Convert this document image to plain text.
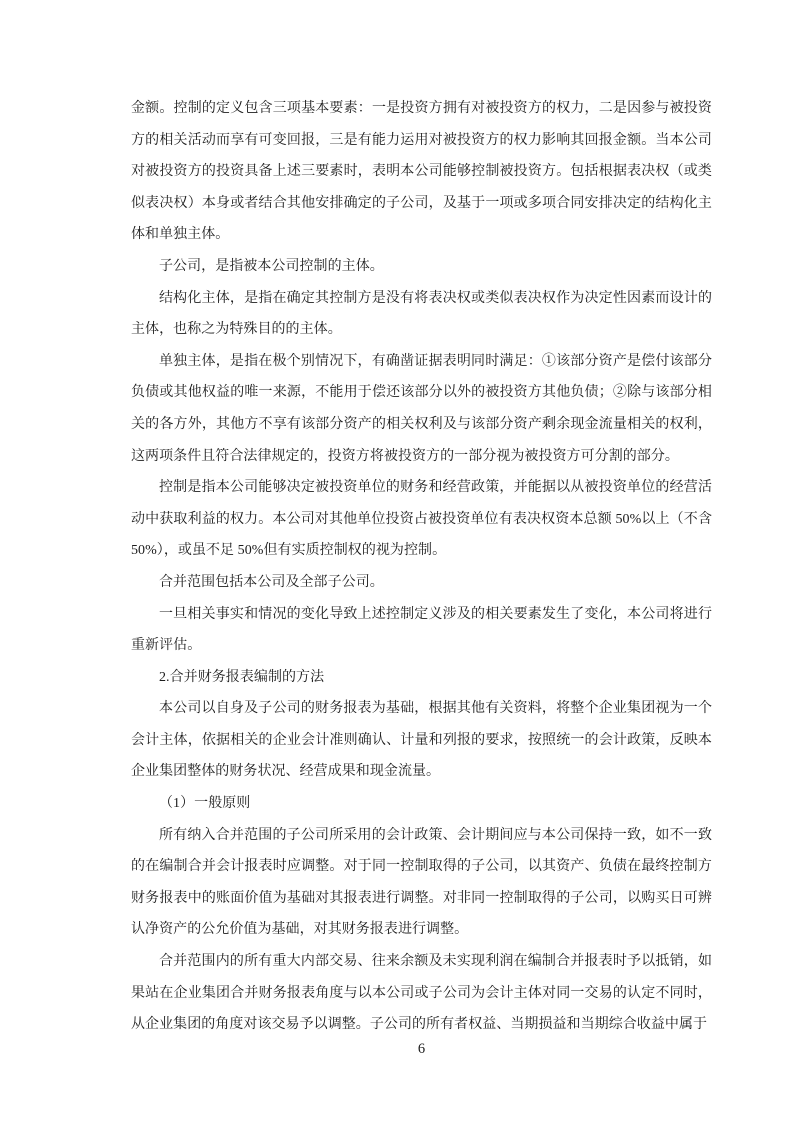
金额。控制的定义包含三项基本要素：一是投资方拥有对被投资方的权力，二是因参与被投资
方的相关活动而享有可变回报，三是有能力运用对被投资方的权力影响其回报金额。当本公司
对被投资方的投资具备上述三要素时，表明本公司能够控制被投资方。包括根据表决权（或类
似表决权）本身或者结合其他安排确定的子公司，及基于一项或多项合同安排决定的结构化主
体和单独主体。
子公司，是指被本公司控制的主体。
结构化主体，是指在确定其控制方是没有将表决权或类似表决权作为决定性因素而设计的
主体，也称之为特殊目的的主体。
单独主体，是指在极个别情况下，有确凿证据表明同时满足：①该部分资产是偿付该部分
负债或其他权益的唯一来源，不能用于偿还该部分以外的被投资方其他负债；②除与该部分相
关的各方外，其他方不享有该部分资产的相关权利及与该部分资产剩余现金流量相关的权利，
这两项条件且符合法律规定的，投资方将被投资方的一部分视为被投资方可分割的部分。
控制是指本公司能够决定被投资单位的财务和经营政策，并能据以从被投资单位的经营活
动中获取利益的权力。本公司对其他单位投资占被投资单位有表决权资本总额 50%以上（不含
50%），或虽不足 50%但有实质控制权的视为控制。
合并范围包括本公司及全部子公司。
一旦相关事实和情况的变化导致上述控制定义涉及的相关要素发生了变化，本公司将进行
重新评估。
2.合并财务报表编制的方法
本公司以自身及子公司的财务报表为基础，根据其他有关资料，将整个企业集团视为一个
会计主体，依据相关的企业会计准则确认、计量和列报的要求，按照统一的会计政策，反映本
企业集团整体的财务状况、经营成果和现金流量。
（1）一般原则
所有纳入合并范围的子公司所采用的会计政策、会计期间应与本公司保持一致，如不一致
的在编制合并会计报表时应调整。对于同一控制取得的子公司，以其资产、负债在最终控制方
财务报表中的账面价值为基础对其报表进行调整。对非同一控制取得的子公司，以购买日可辨
认净资产的公允价值为基础，对其财务报表进行调整。
合并范围内的所有重大内部交易、往来余额及未实现利润在编制合并报表时予以抵销，如
果站在企业集团合并财务报表角度与以本公司或子公司为会计主体对同一交易的认定不同时，
从企业集团的角度对该交易予以调整。子公司的所有者权益、当期损益和当期综合收益中属于
6
